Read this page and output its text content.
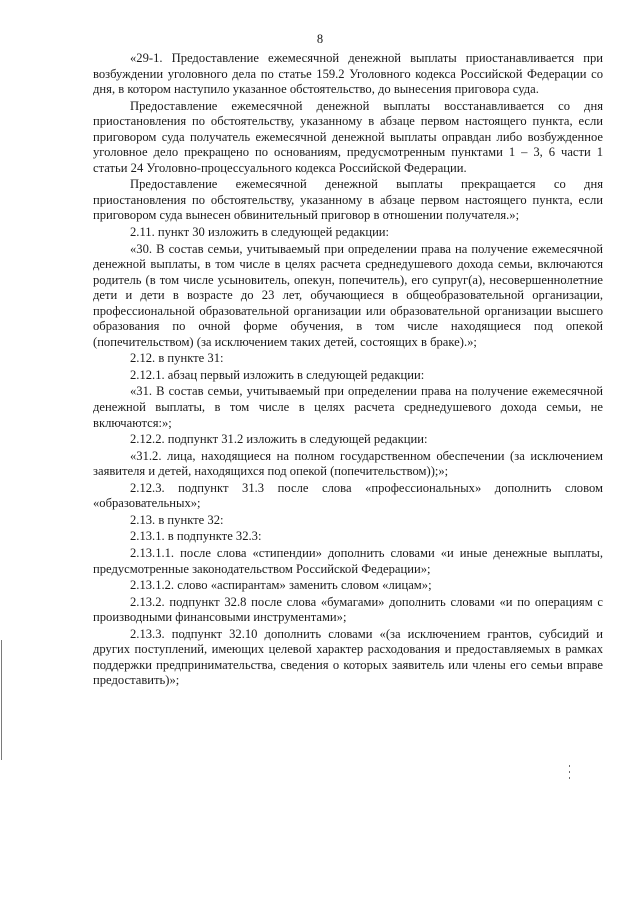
8

«29-1. Предоставление ежемесячной денежной выплаты приостанавливается при возбуждении уголовного дела по статье 159.2 Уголовного кодекса Российской Федерации со дня, в котором наступило указанное обстоятельство, до вынесения приговора суда.

Предоставление ежемесячной денежной выплаты восстанавливается со дня приостановления по обстоятельству, указанному в абзаце первом настоящего пункта, если приговором суда получатель ежемесячной денежной выплаты оправдан либо возбужденное уголовное дело прекращено по основаниям, предусмотренным пунктами 1 – 3, 6 части 1 статьи 24 Уголовно-процессуального кодекса Российской Федерации.

Предоставление ежемесячной денежной выплаты прекращается со дня приостановления по обстоятельству, указанному в абзаце первом настоящего пункта, если приговором суда вынесен обвинительный приговор в отношении получателя.»;

2.11. пункт 30 изложить в следующей редакции:

«30. В состав семьи, учитываемый при определении права на получение ежемесячной денежной выплаты, в том числе в целях расчета среднедушевого дохода семьи, включаются родитель (в том числе усыновитель, опекун, попечитель), его супруг(а), несовершеннолетние дети и дети в возрасте до 23 лет, обучающиеся в общеобразовательной организации, профессиональной образовательной организации или образовательной организации высшего образования по очной форме обучения, в том числе находящиеся под опекой (попечительством) (за исключением таких детей, состоящих в браке).»;

2.12. в пункте 31:

2.12.1. абзац первый изложить в следующей редакции:

«31. В состав семьи, учитываемый при определении права на получение ежемесячной денежной выплаты, в том числе в целях расчета среднедушевого дохода семьи, не включаются:»;

2.12.2. подпункт 31.2 изложить в следующей редакции:

«31.2. лица, находящиеся на полном государственном обеспечении (за исключением заявителя и детей, находящихся под опекой (попечительством));»;

2.12.3. подпункт 31.3 после слова «профессиональных» дополнить словом «образовательных»;

2.13. в пункте 32:

2.13.1. в подпункте 32.3:

2.13.1.1. после слова «стипендии» дополнить словами «и иные денежные выплаты, предусмотренные законодательством Российской Федерации»;

2.13.1.2. слово «аспирантам» заменить словом «лицам»;

2.13.2. подпункт 32.8 после слова «бумагами» дополнить словами «и по операциям с производными финансовыми инструментами»;

2.13.3. подпункт 32.10 дополнить словами «(за исключением грантов, субсидий и других поступлений, имеющих целевой характер расходования и предоставляемых в рамках поддержки предпринимательства, сведения о которых заявитель или члены его семьи вправе предоставить)»;
